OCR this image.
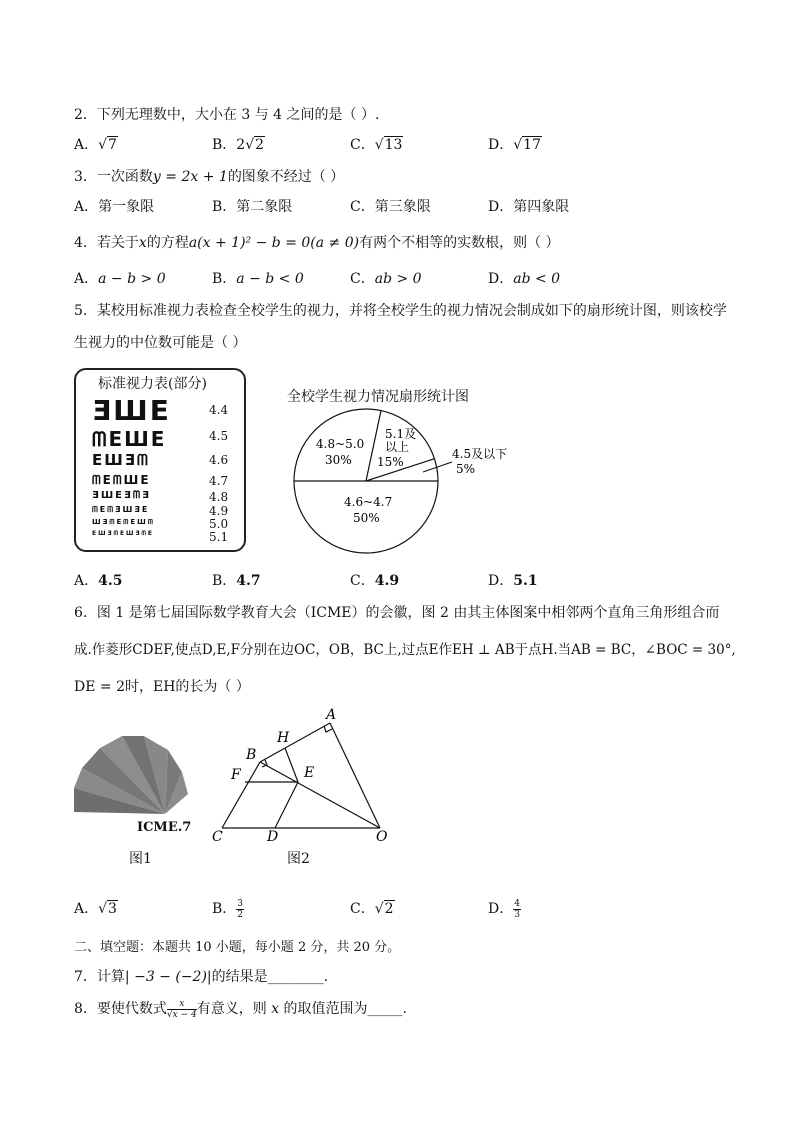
2．下列无理数中，大小在 3 与 4 之间的是（ ）.
A．√7	B．2√2	C．√13	D．√17
3．一次函数y = 2x + 1的图象不经过（ ）
A．第一象限	B．第二象限	C．第三象限	D．第四象限
4．若关于x的方程a(x + 1)² − b = 0(a ≠ 0)有两个不相等的实数根，则（ ）
A．a − b > 0	B．a − b < 0	C．ab > 0	D．ab < 0
5．某校用标准视力表检查全校学生的视力，并将全校学生的视力情况会制成如下的扇形统计图，则该校学
生视力的中位数可能是（ ）
标准视力表(部分)
ƎШE
ᗰEШE
EШƎᗰ
ᗰEᗰШE
ƎШEƎᗰƎ
ᗰEᗰƎШƎE
ШƎᗰEᗰEШᗰ
EШƎᗰEШƎᗰE
4.4
4.5
4.6
4.7
4.8
4.9
5.0
5.1
全校学生视力情况扇形统计图
4.8~5.0
30%
5.1及
以上
15%
4.5及以下
5%
4.6~4.7
50%
A．4.5	B．4.7	C．4.9	D．5.1
6．图 1 是第七届国际数学教育大会（ICME）的会徽，图 2 由其主体图案中相邻两个直角三角形组合而
成.作菱形CDEF,使点D,E,F分别在边OC，OB，BC上,过点E作EH ⊥ AB于点H.当AB = BC，∠BOC = 30°,
DE = 2时，EH的长为（ ）
ICME.7
图1
A
H
B
F	E
C	D	O
图2
A．√3	B． $\frac{3}{2}$	C．√2	D． $\frac{4}{3}$
二、填空题：本题共 10 小题，每小题 2 分，共 20 分。
7．计算| −3 − (−2)|的结果是________.
8．要使代数式 $\frac{x}{√x - 4}$ 有意义，则 x 的取值范围为_____.
